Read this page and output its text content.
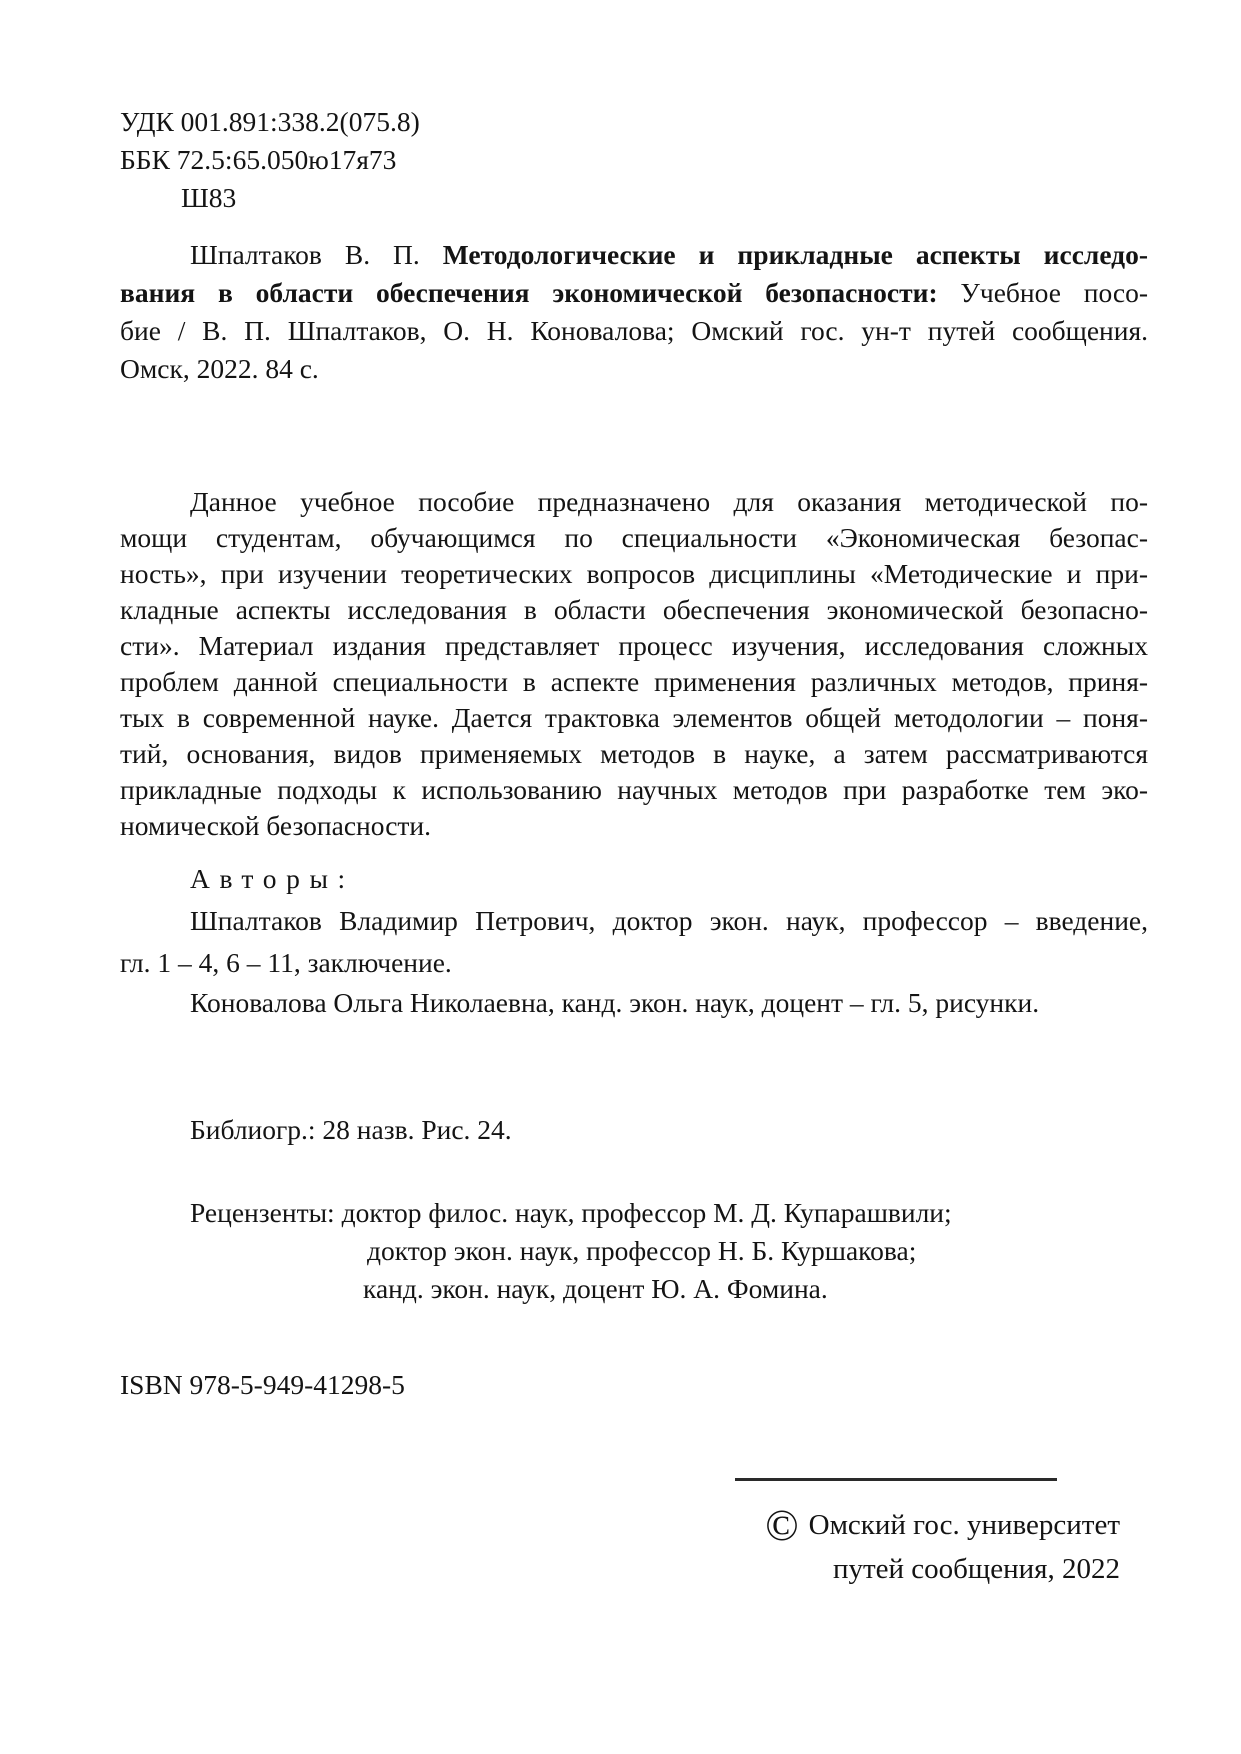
УДК 001.891:338.2(075.8)
ББК 72.5:65.050ю17я73
Ш83
Шпалтаков В. П. Методологические и прикладные аспекты исследо-
вания в области обеспечения экономической безопасности: Учебное посо-
бие / В. П. Шпалтаков, О. Н. Коновалова; Омский гос. ун-т путей сообщения.
Омск, 2022. 84 с.
Данное учебное пособие предназначено для оказания методической по-
мощи студентам, обучающимся по специальности «Экономическая безопас-
ность», при изучении теоретических вопросов дисциплины «Методические и при-
кладные аспекты исследования в области обеспечения экономической безопасно-
сти». Материал издания представляет процесс изучения, исследования сложных
проблем данной специальности в аспекте применения различных методов, приня-
тых в современной науке. Дается трактовка элементов общей методологии – поня-
тий, основания, видов применяемых методов в науке, а затем рассматриваются
прикладные подходы к использованию научных методов при разработке тем эко-
номической безопасности.
Авторы:
Шпалтаков Владимир Петрович, доктор экон. наук, профессор – введение,
гл. 1 – 4, 6 – 11, заключение.
Коновалова Ольга Николаевна, канд. экон. наук, доцент – гл. 5, рисунки.
Библиогр.: 28 назв. Рис. 24.
Рецензенты: доктор филос. наук, профессор М. Д. Купарашвили;
доктор экон. наук, профессор Н. Б. Куршакова;
канд. экон. наук, доцент Ю. А. Фомина.
ISBN 978-5-949-41298-5
© Омский гос. университет
путей сообщения, 2022
